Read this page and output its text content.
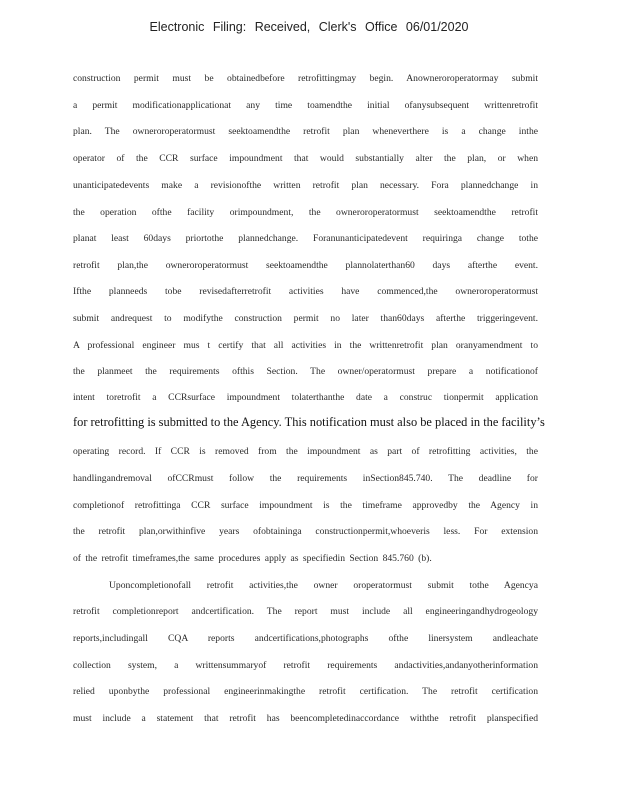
Electronic Filing: Received, Clerk's Office 06/01/2020
construction permit must be obtainedbefore retrofittingmay begin. Anowneroroperatormay submit
a permit modificationapplicationat any time toamendthe initial ofanysubsequent writtenretrofit
plan. The owneroroperatormust seektoamendthe retrofit plan wheneverthere is a change inthe
operator of the CCR surface impoundment that would substantially alter the plan, or when
unanticipatedevents make a revisionofthe written retrofit plan necessary. Fora plannedchange in
the operation ofthe facility orimpoundment, the owneroroperatormust seektoamendthe retrofit
planat least 60days priortothe plannedchange. Foranunanticipatedevent requiringa change tothe
retrofit plan,the owneroroperatormust seektoamendthe plannolaterthan60 days afterthe event.
Ifthe planneeds tobe revisedafterretrofit activities have commenced,the owneroroperatormust
submit andrequest to modifythe construction permit no later than60days afterthe triggeringevent.
A professional engineer mus t certify that all activities in the writtenretrofit plan oranyamendment to
the planmeet the requirements ofthis Section. The owner/operatormust prepare a notificationof
intent toretrofit a CCRsurface impoundment tolaterthanthe date a construc tionpermit application
for retrofitting is submitted to the Agency. This notification must also be placed in the facility’s
operating record. If CCR is removed from the impoundment as part of retrofitting activities, the
handlingandremoval ofCCRmust follow the requirements inSection845.740. The deadline for
completionof retrofittinga CCR surface impoundment is the timeframe approvedby the Agency in
the retrofit plan,orwithinfive years ofobtaininga constructionpermit,whoeveris less. For extension
of the retrofit timeframes,the same procedures apply as specifiedin Section 845.760 (b).
Uponcompletionofall retrofit activities,the owner oroperatormust submit tothe Agencya
retrofit completionreport andcertification. The report must include all engineeringandhydrogeology
reports,includingall CQA reports andcertifications,photographs ofthe linersystem andleachate
collection system, a writtensummaryof retrofit requirements andactivities,andanyotherinformation
relied uponbythe professional engineerinmakingthe retrofit certification. The retrofit certification
must include a statement that retrofit has beencompletedinaccordance withthe retrofit planspecified
